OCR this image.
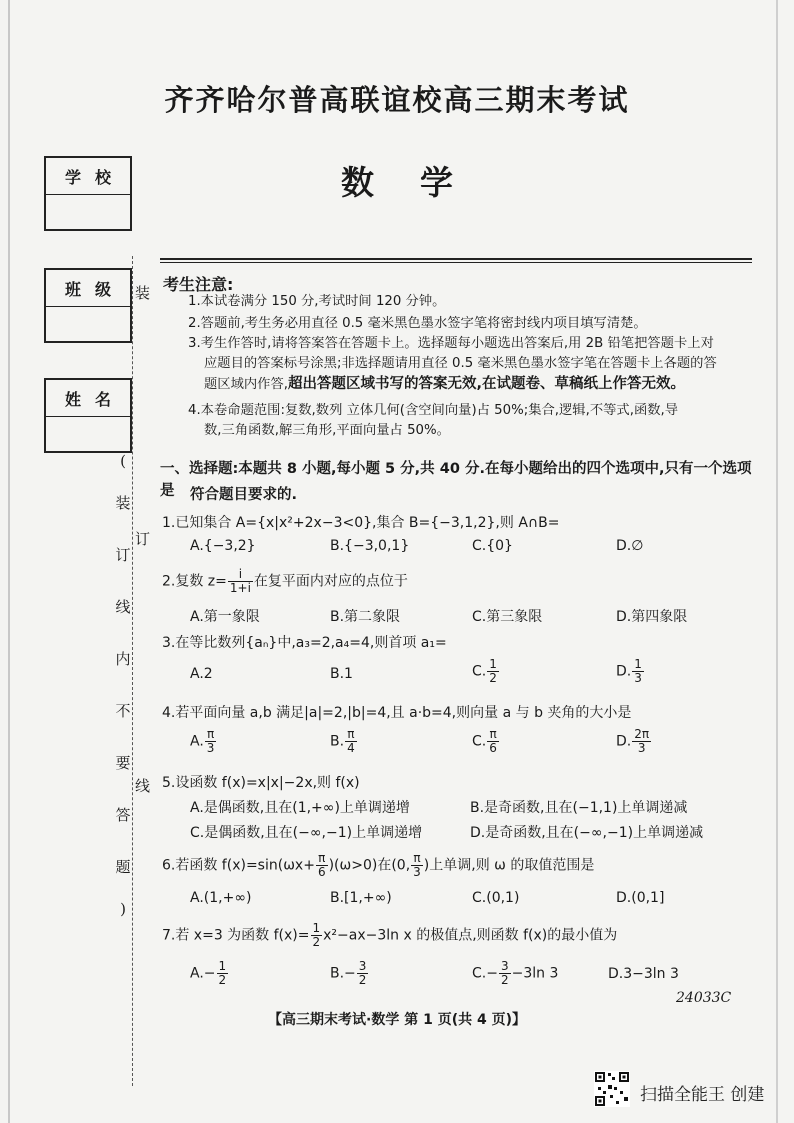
齐齐哈尔普高联谊校高三期末考试
数学
学校
班级
姓名
装
订
线
(
装
订
线
内
不
要
答
题
)
考生注意:
1.本试卷满分 150 分,考试时间 120 分钟。
2.答题前,考生务必用直径 0.5 毫米黑色墨水签字笔将密封线内项目填写清楚。
3.考生作答时,请将答案答在答题卡上。选择题每小题选出答案后,用 2B 铅笔把答题卡上对
应题目的答案标号涂黑;非选择题请用直径 0.5 毫米黑色墨水签字笔在答题卡上各题的答
题区域内作答,超出答题区域书写的答案无效,在试题卷、草稿纸上作答无效。
4.本卷命题范围:复数,数列 立体几何(含空间向量)占 50%;集合,逻辑,不等式,函数,导
数,三角函数,解三角形,平面向量占 50%。
一、选择题:本题共 8 小题,每小题 5 分,共 40 分.在每小题给出的四个选项中,只有一个选项是	符合题目要求的.
1.已知集合 A={x|x²+2x−3<0},集合 B={−3,1,2},则 A∩B=
A.{−3,2}	B.{−3,0,1}	C.{0}	D.∅
2.复数 $z= \frac{i}{1+i}$ 在复平面内对应的点位于
A.第一象限	B.第二象限	C.第三象限	D.第四象限
3.在等比数列{aₙ}中,a₃=2,a₄=4,则首项 a₁=
A.2	B.1	C. $\frac{1}{2}$	D. $\frac{1}{3}$
4.若平面向量 a,b 满足|a|=2,|b|=4,且 a·b=4,则向量 a 与 b 夹角的大小是
A. $\frac{\pi}{3}$	B. $\frac{\pi}{4}$	C. $\frac{\pi}{6}$	D. $\frac{2\pi}{3}$
5.设函数 f(x)=x|x|−2x,则 f(x)
A.是偶函数,且在(1,+∞)上单调递增	B.是奇函数,且在(−1,1)上单调递减
C.是偶函数,且在(−∞,−1)上单调递增	D.是奇函数,且在(−∞,−1)上单调递减
6.若函数 $f(x)=\sin(\omega x+ \frac{\pi}{6} )(\omega>0)$在(0, $\frac{\pi}{3}$ )上单调,则 ω 的取值范围是
A.(1,+∞)	B.[1,+∞)	C.(0,1)	D.(0,1]
7.若 x=3 为函数 $f(x)= \frac{1}{2} x^2-ax-3\ln$ x 的极值点,则函数 f(x)的最小值为
$A.- \frac{1}{2}$	$B.- \frac{3}{2}$	$C.- \frac{3}{2} -3\ln$ 3	D.3−3ln 3
24033C
【高三期末考试·数学 第 1 页(共 4 页)】
扫描全能王 创建
